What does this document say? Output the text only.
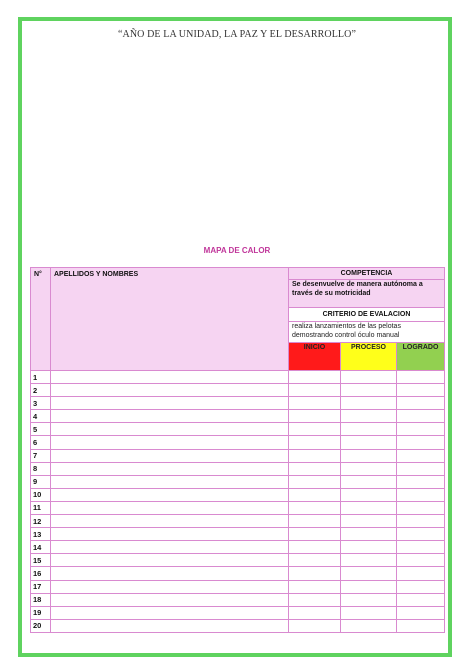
“AÑO DE LA UNIDAD, LA PAZ Y EL DESARROLLO”
MAPA DE CALOR
N°	APELLIDOS Y NOMBRES	COMPETENCIA		
		Se desenvuelve de manera autónoma a través de su motricidad		
		CRITERIO DE EVALACION		
		realiza lanzamientos de las pelotas demostrando control óculo manual		
		INICIO	PROCESO	LOGRADO
1				
2				
3				
4				
5				
6				
7				
8				
9				
10				
11				
12				
13				
14				
15				
16				
17				
18				
19				
20				
